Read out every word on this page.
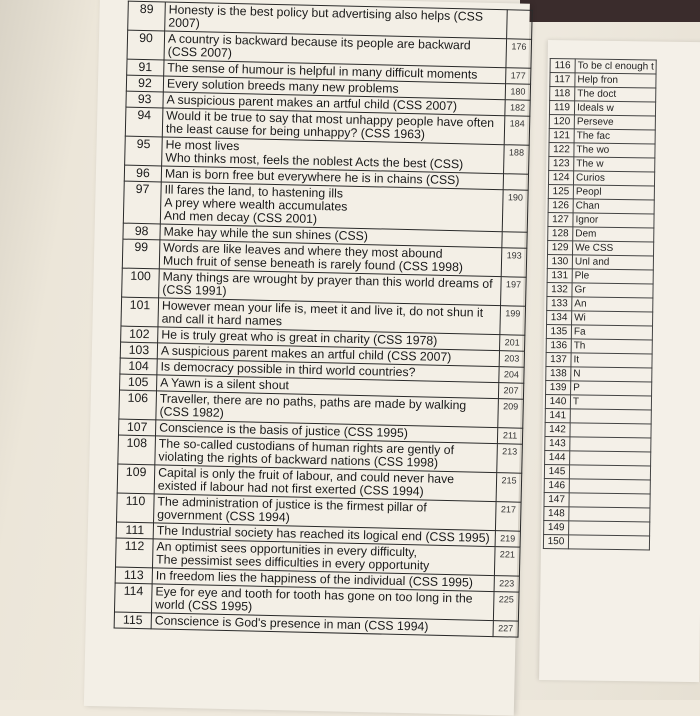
116	To be cl enough t
117	Help fron
118	The doct
119	Ideals w
120	Perseve
121	The fac
122	The wo
123	The w
124	Curios
125	Peopl
126	Chan
127	Ignor
128	Dem
129	We CSS
130	Unl and
131	Ple
132	Gr
133	An
134	Wi
135	Fa
136	Th
137	It
138	N
139	P
140	T
141	
142	
143	
144	
145	
146	
147	
148	
149	
150	
89	Honesty is the best policy but advertising also helps (CSS 2007)	
90	A country is backward because its people are backward
(CSS 2007)	176
91	The sense of humour is helpful in many difficult moments	177
92	Every solution breeds many new problems	180
93	A suspicious parent makes an artful child (CSS 2007)	182
94	Would it be true to say that most unhappy people have often the least cause for being unhappy? (CSS 1963)	184
95	He most lives
Who thinks most, feels the noblest Acts the best (CSS)	188
96	Man is born free but everywhere he is in chains (CSS)	
97	Ill fares the land, to hastening ills
A prey where wealth accumulates
And men decay (CSS 2001)	190
98	Make hay while the sun shines (CSS)	
99	Words are like leaves and where they most abound
Much fruit of sense beneath is rarely found (CSS 1998)	193
100	Many things are wrought by prayer than this world dreams of (CSS 1991)	197
101	However mean your life is, meet it and live it, do not shun it and call it hard names	199
102	He is truly great who is great in charity (CSS 1978)	201
103	A suspicious parent makes an artful child (CSS 2007)	203
104	Is democracy possible in third world countries?	204
105	A Yawn is a silent shout	207
106	Traveller, there are no paths, paths are made by walking
(CSS 1982)	209
107	Conscience is the basis of justice (CSS 1995)	211
108	The so-called custodians of human rights are gently of violating the rights of backward nations (CSS 1998)	213
109	Capital is only the fruit of labour, and could never have existed if labour had not first exerted (CSS 1994)	215
110	The administration of justice is the firmest pillar of government (CSS 1994)	217
111	The Industrial society has reached its logical end (CSS 1995)	219
112	An optimist sees opportunities in every difficulty,
The pessimist sees difficulties in every opportunity	221
113	In freedom lies the happiness of the individual (CSS 1995)	223
114	Eye for eye and tooth for tooth has gone on too long in the world (CSS 1995)	225
115	Conscience is God's presence in man (CSS 1994)	227
